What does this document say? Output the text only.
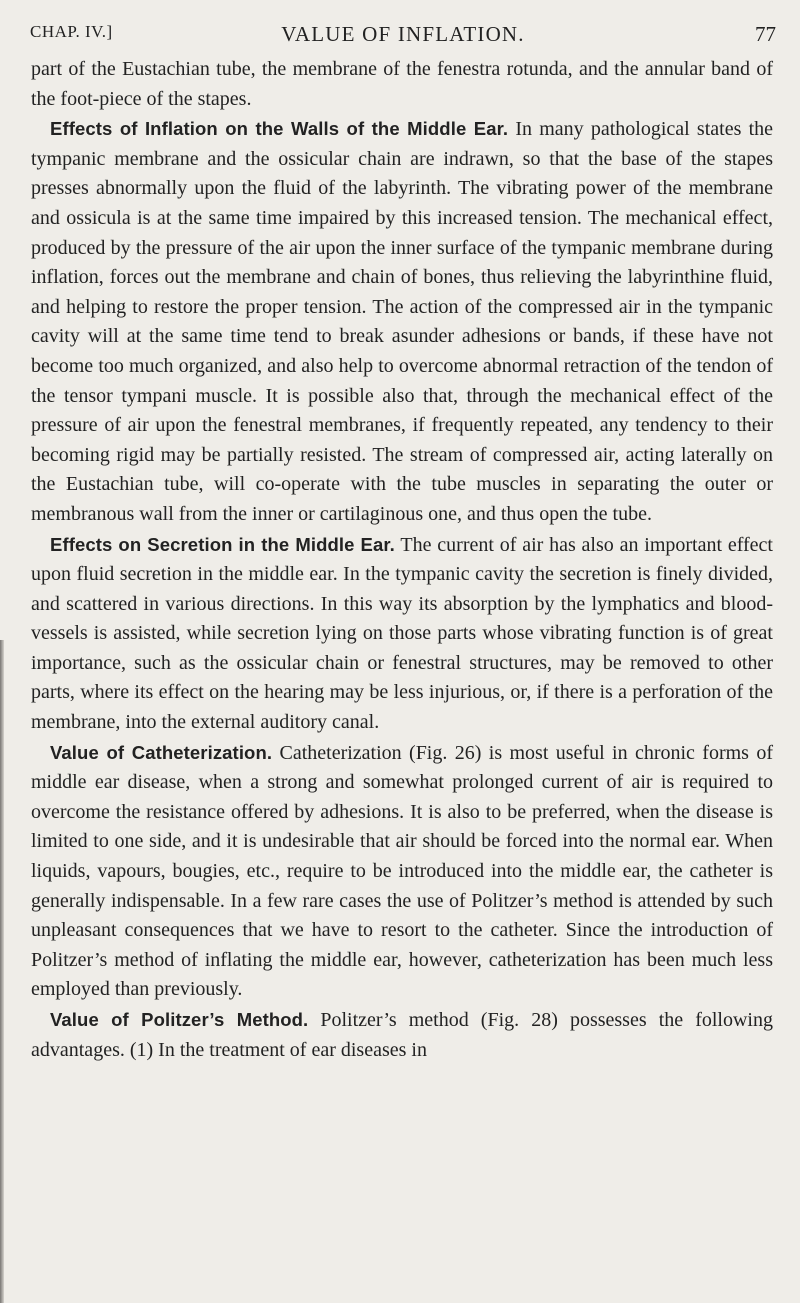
CHAP. IV.]	VALUE OF INFLATION.	77

part of the Eustachian tube, the membrane of the fenestra rotunda, and the annular band of the foot-piece of the stapes.

Effects of Inflation on the Walls of the Middle Ear. In many pathological states the tympanic membrane and the ossicular chain are indrawn, so that the base of the stapes presses abnormally upon the fluid of the labyrinth. The vibrating power of the membrane and ossicula is at the same time impaired by this increased tension. The mechanical effect, produced by the pressure of the air upon the inner surface of the tympanic membrane during inflation, forces out the membrane and chain of bones, thus relieving the labyrinthine fluid, and helping to restore the proper tension. The action of the compressed air in the tympanic cavity will at the same time tend to break asunder adhesions or bands, if these have not become too much organized, and also help to overcome abnormal retraction of the tendon of the tensor tympani muscle. It is possible also that, through the mechanical effect of the pressure of air upon the fenestral membranes, if frequently repeated, any tendency to their becoming rigid may be partially resisted. The stream of compressed air, acting laterally on the Eustachian tube, will co-operate with the tube muscles in separating the outer or membranous wall from the inner or cartilaginous one, and thus open the tube.

Effects on Secretion in the Middle Ear. The current of air has also an important effect upon fluid secretion in the middle ear. In the tympanic cavity the secretion is finely divided, and scattered in various directions. In this way its absorption by the lymphatics and blood-vessels is assisted, while secretion lying on those parts whose vibrating function is of great importance, such as the ossicular chain or fenestral structures, may be removed to other parts, where its effect on the hearing may be less injurious, or, if there is a perforation of the membrane, into the external auditory canal.

Value of Catheterization. Catheterization (Fig. 26) is most useful in chronic forms of middle ear disease, when a strong and somewhat prolonged current of air is required to overcome the resistance offered by adhesions. It is also to be preferred, when the disease is limited to one side, and it is undesirable that air should be forced into the normal ear. When liquids, vapours, bougies, etc., require to be introduced into the middle ear, the catheter is generally indispensable. In a few rare cases the use of Politzer’s method is attended by such unpleasant consequences that we have to resort to the catheter. Since the introduction of Politzer’s method of inflating the middle ear, however, catheterization has been much less employed than previously.

Value of Politzer’s Method. Politzer’s method (Fig. 28) possesses the following advantages. (1) In the treatment of ear diseases in
